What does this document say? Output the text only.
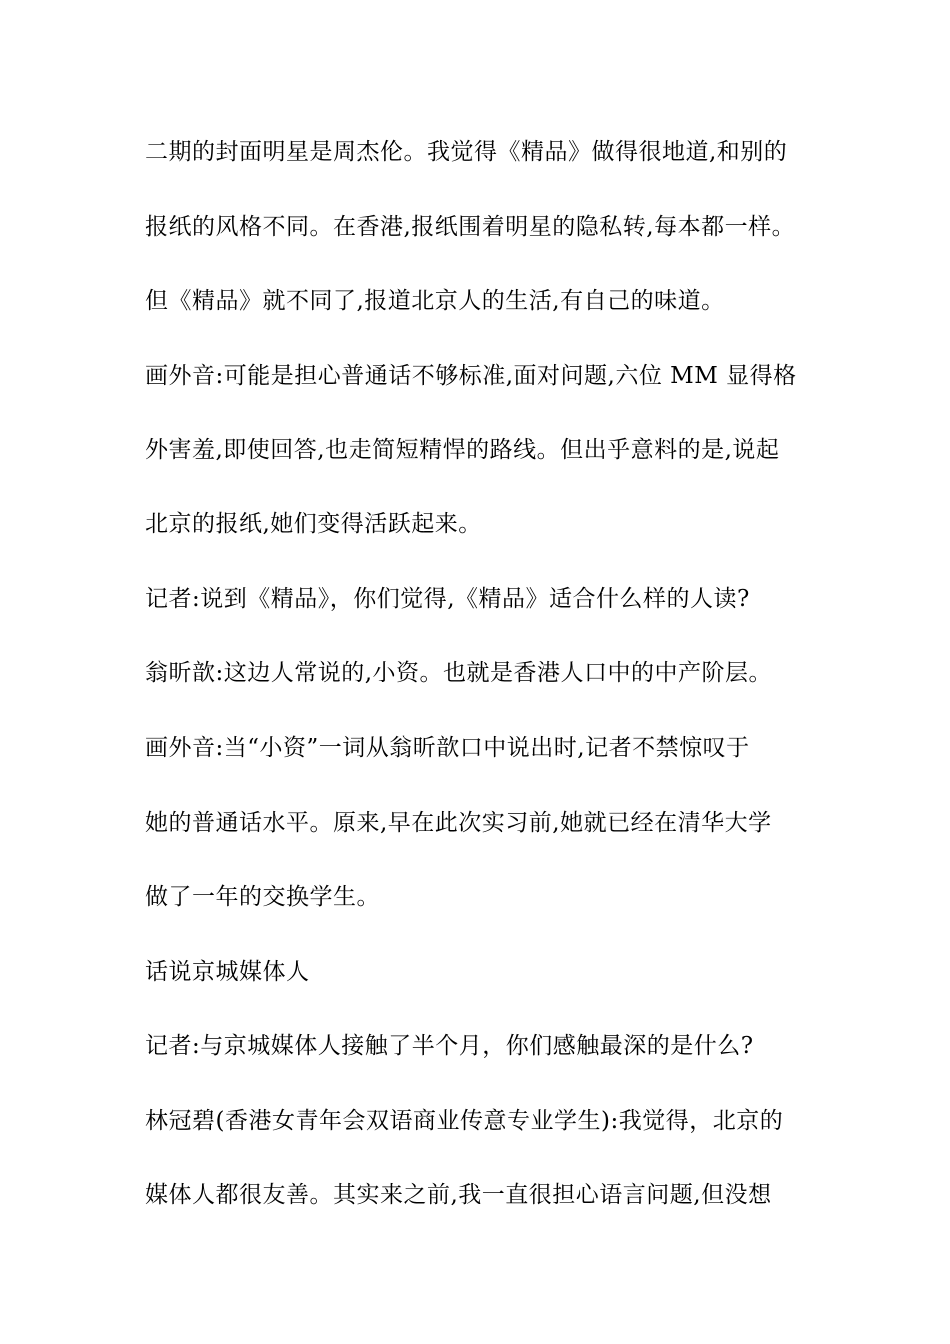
二期的封面明星是周杰伦。我觉得《精品》做得很地道,和别的
报纸的风格不同。在香港,报纸围着明星的隐私转,每本都一样。
但《精品》就不同了,报道北京人的生活,有自己的味道。
画外音:可能是担心普通话不够标准,面对问题,六位 MM 显得格
外害羞,即使回答,也走简短精悍的路线。但出乎意料的是,说起
北京的报纸,她们变得活跃起来。
记者:说到《精品》，你们觉得,《精品》适合什么样的人读?
翁昕歆:这边人常说的,小资。也就是香港人口中的中产阶层。
画外音:当“小资”一词从翁昕歆口中说出时,记者不禁惊叹于
她的普通话水平。原来,早在此次实习前,她就已经在清华大学
做了一年的交换学生。
话说京城媒体人
记者:与京城媒体人接触了半个月，你们感触最深的是什么?
林冠碧(香港女青年会双语商业传意专业学生):我觉得，北京的
媒体人都很友善。其实来之前,我一直很担心语言问题,但没想
